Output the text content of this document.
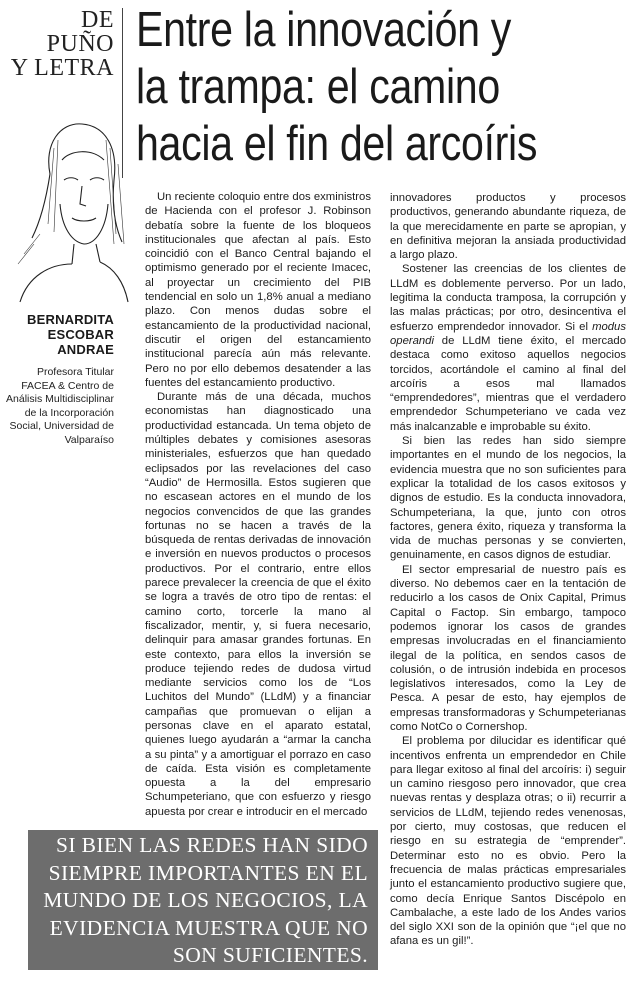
DE
PUÑO
Y LETRA
Entre la innovación y
la trampa: el camino
hacia el fin del arcoíris
BERNARDITA
ESCOBAR
ANDRAE
Profesora Titular FACEA & Centro de Análisis Multidisciplinar de la Incorporación Social, Universidad de Valparaíso

Un reciente coloquio entre dos exministros de Hacienda con el profesor J. Robinson debatía sobre la fuente de los bloqueos institucionales que afectan al país. Esto coincidió con el Banco Central bajando el optimismo generado por el reciente Imacec, al proyectar un crecimiento del PIB tendencial en solo un 1,8% anual a mediano plazo. Con menos dudas sobre el estancamiento de la productividad nacional, discutir el origen del estancamiento institucional parecía aún más relevante. Pero no por ello debemos desatender a las fuentes del estancamiento productivo.

Durante más de una década, muchos economistas han diagnosticado una productividad estancada. Un tema objeto de múltiples debates y comisiones asesoras ministeriales, esfuerzos que han quedado eclipsados por las revelaciones del caso “Audio” de Hermosilla. Estos sugieren que no escasean actores en el mundo de los negocios convencidos de que las grandes fortunas no se hacen a través de la búsqueda de rentas derivadas de innovación e inversión en nuevos productos o procesos productivos. Por el contrario, entre ellos parece prevalecer la creencia de que el éxito se logra a través de otro tipo de rentas: el camino corto, torcerle la mano al fiscalizador, mentir, y, si fuera necesario, delinquir para amasar grandes fortunas. En este contexto, para ellos la inversión se produce tejiendo redes de dudosa virtud mediante servicios como los de “Los Luchitos del Mundo” (LLdM) y a financiar campañas que promuevan o elijan a personas clave en el aparato estatal, quienes luego ayudarán a “armar la cancha a su pinta” y a amortiguar el porrazo en caso de caída. Esta visión es completamente opuesta a la del empresario Schumpeteriano, que con esfuerzo y riesgo apuesta por crear e introducir en el mercado

innovadores productos y procesos productivos, generando abundante riqueza, de la que merecidamente en parte se apropian, y en definitiva mejoran la ansiada productividad a largo plazo.

Sostener las creencias de los clientes de LLdM es doblemente perverso. Por un lado, legitima la conducta tramposa, la corrupción y las malas prácticas; por otro, desincentiva el esfuerzo emprendedor innovador. Si el modus operandi de LLdM tiene éxito, el mercado destaca como exitoso aquellos negocios torcidos, acortándole el camino al final del arcoíris a esos mal llamados “emprendedores”, mientras que el verdadero emprendedor Schumpeteriano ve cada vez más inalcanzable e improbable su éxito.

Si bien las redes han sido siempre importantes en el mundo de los negocios, la evidencia muestra que no son suficientes para explicar la totalidad de los casos exitosos y dignos de estudio. Es la conducta innovadora, Schumpeteriana, la que, junto con otros factores, genera éxito, riqueza y transforma la vida de muchas personas y se convierten, genuinamente, en casos dignos de estudiar.

El sector empresarial de nuestro país es diverso. No debemos caer en la tentación de reducirlo a los casos de Onix Capital, Primus Capital o Factop. Sin embargo, tampoco podemos ignorar los casos de grandes empresas involucradas en el financiamiento ilegal de la política, en sendos casos de colusión, o de intrusión indebida en procesos legislativos interesados, como la Ley de Pesca. A pesar de esto, hay ejemplos de empresas transformadoras y Schumpeterianas como NotCo o Cornershop.

El problema por dilucidar es identificar qué incentivos enfrenta un emprendedor en Chile para llegar exitoso al final del arcoíris: i) seguir un camino riesgoso pero innovador, que crea nuevas rentas y desplaza otras; o ii) recurrir a servicios de LLdM, tejiendo redes venenosas, por cierto, muy costosas, que reducen el riesgo en su estrategia de “emprender”. Determinar esto no es obvio. Pero la frecuencia de malas prácticas empresariales junto el estancamiento productivo sugiere que, como decía Enrique Santos Discépolo en Cambalache, a este lado de los Andes varios del siglo XXI son de la opinión que “¡el que no afana es un gil!”.

SI BIEN LAS REDES HAN SIDO
SIEMPRE IMPORTANTES EN EL
MUNDO DE LOS NEGOCIOS, LA
EVIDENCIA MUESTRA QUE NO
SON SUFICIENTES.
